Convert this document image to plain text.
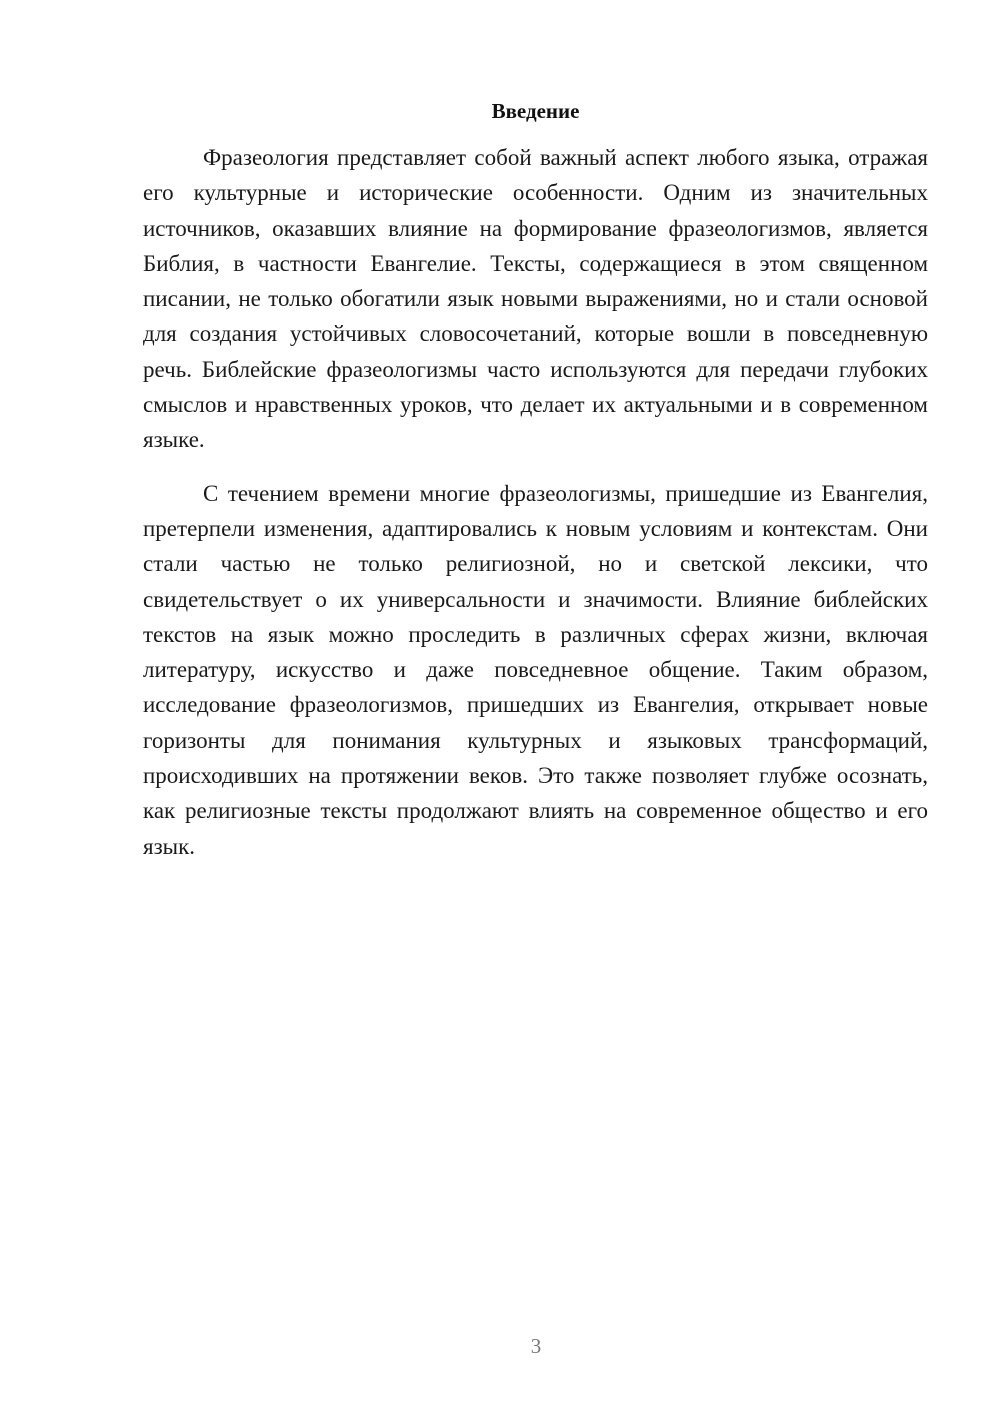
Введение

Фразеология представляет собой важный аспект любого языка, отражая его культурные и исторические особенности. Одним из значительных источников, оказавших влияние на формирование фразеологизмов, является Библия, в частности Евангелие. Тексты, содержащиеся в этом священном писании, не только обогатили язык новыми выражениями, но и стали основой для создания устойчивых словосочетаний, которые вошли в повседневную речь. Библейские фразеологизмы часто используются для передачи глубоких смыслов и нравственных уроков, что делает их актуальными и в современном языке.

С течением времени многие фразеологизмы, пришедшие из Евангелия, претерпели изменения, адаптировались к новым условиям и контекстам. Они стали частью не только религиозной, но и светской лексики, что свидетельствует о их универсальности и значимости. Влияние библейских текстов на язык можно проследить в различных сферах жизни, включая литературу, искусство и даже повседневное общение. Таким образом, исследование фразеологизмов, пришедших из Евангелия, открывает новые горизонты для понимания культурных и языковых трансформаций, происходивших на протяжении веков. Это также позволяет глубже осознать, как религиозные тексты продолжают влиять на современное общество и его язык.

3
